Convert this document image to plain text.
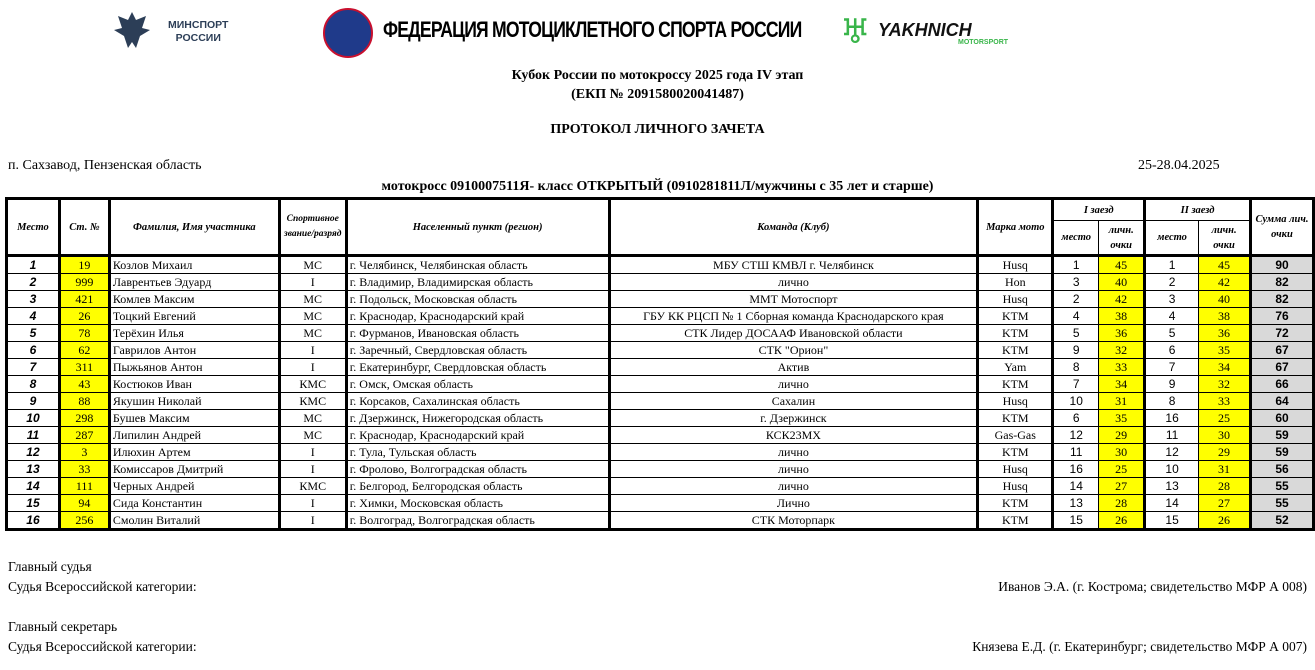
МИНСПОРТ
РОССИИ	ФЕДЕРАЦИЯ МОТОЦИКЛЕТНОГО СПОРТА РОССИИ ♅ YAKHNICH
MOTORSPORT
Кубок России по мотокроссу 2025 года IV этап
(ЕКП № 2091580020041487)
ПРОТОКОЛ ЛИЧНОГО ЗАЧЕТА
п. Сахзавод, Пензенская область	25-28.04.2025
мотокросс 0910007511Я- класс ОТКРЫТЫЙ (0910281811Л/мужчины с 35 лет и старше)
Место	Ст. №	Фамилия, Имя участника	Спортивное звание/разряд	Населенный пункт (регион)	Команда (Клуб)	Марка мото	I заезд		II заезд		Сумма лич. очки
							место	личн. очки	место	личн. очки	
1	19	Козлов Михаил	МС	г. Челябинск, Челябинская область	МБУ СТШ КМВЛ г. Челябинск	Husq	1	45	1	45	90
2	999	Лаврентьев Эдуард	I	г. Владимир, Владимирская область	лично	Hon	3	40	2	42	82
3	421	Комлев Максим	МС	г. Подольск, Московская область	ММТ Мотоспорт	Husq	2	42	3	40	82
4	26	Тоцкий Евгений	МС	г. Краснодар, Краснодарский край	ГБУ КК РЦСП № 1 Сборная команда Краснодарского края	KTM	4	38	4	38	76
5	78	Терёхин Илья	МС	г. Фурманов, Ивановская область	СТК Лидер ДОСААФ Ивановской области	KTM	5	36	5	36	72
6	62	Гаврилов Антон	I	г. Заречный, Свердловская область	СТК "Орион"	KTM	9	32	6	35	67
7	311	Пыжьянов Антон	I	г. Екатеринбург, Свердловская область	Актив	Yam	8	33	7	34	67
8	43	Костюков Иван	КМС	г. Омск, Омская область	лично	KTM	7	34	9	32	66
9	88	Якушин Николай	КМС	г. Корсаков, Сахалинская область	Сахалин	Husq	10	31	8	33	64
10	298	Бушев Максим	МС	г. Дзержинск, Нижегородская область	г. Дзержинск	KTM	6	35	16	25	60
11	287	Липилин Андрей	МС	г. Краснодар, Краснодарский край	КСК23МХ	Gas-Gas	12	29	11	30	59
12	3	Илюхин Артем	I	г. Тула, Тульская область	лично	KTM	11	30	12	29	59
13	33	Комиссаров Дмитрий	I	г. Фролово, Волгоградская область	лично	Husq	16	25	10	31	56
14	111	Черных Андрей	КМС	г. Белгород, Белгородская область	лично	Husq	14	27	13	28	55
15	94	Сида Константин	I	г. Химки, Московская область	Лично	KTM	13	28	14	27	55
16	256	Смолин Виталий	I	г. Волгоград, Волгоградская область	СТК Моторпарк	KTM	15	26	15	26	52
Главный судья
Судья Всероссийской категории:	Иванов Э.А. (г. Кострома; свидетельство МФР А 008)
Главный секретарь
Судья Всероссийской категории:	Князева Е.Д. (г. Екатеринбург; свидетельство МФР А 007)
